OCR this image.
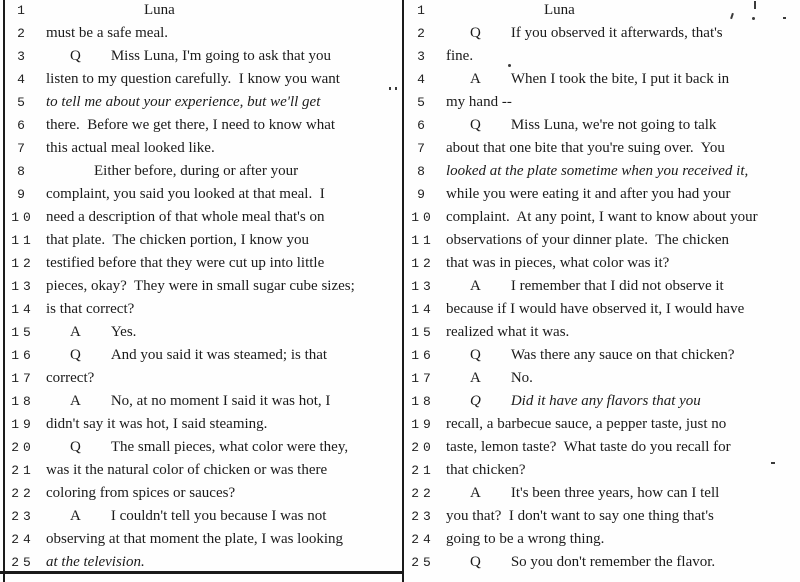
1	Luna
2	must be a safe meal.
3	Q Miss Luna, I'm going to ask that you
4	listen to my question carefully.  I know you want
5	to tell me about your experience, but we'll get
6	there.  Before we get there, I need to know what
7	this actual meal looked like.
8	Either before, during or after your
9	complaint, you said you looked at that meal.  I
10 need a description of that whole meal that's on
11 that plate.  The chicken portion, I know you
12 testified before that they were cut up into little
13 pieces, okay?  They were in small sugar cube sizes;
14 is that correct?
15	A Yes.
16	Q And you said it was steamed; is that
17 correct?
18	A No, at no moment I said it was hot, I
19 didn't say it was hot, I said steaming.
20	Q The small pieces, what color were they,
21 was it the natural color of chicken or was there
22 coloring from spices or sauces?
23	A I couldn't tell you because I was not
24 observing at that moment the plate, I was looking
25 at the television.
1	Luna
2	Q If you observed it afterwards, that's
3	fine.
4	A When I took the bite, I put it back in
5	my hand --
6	Q Miss Luna, we're not going to talk
7	about that one bite that you're suing over.  You
8	looked at the plate sometime when you received it,
9	while you were eating it and after you had your
10 complaint.  At any point, I want to know about your
11 observations of your dinner plate.  The chicken
12 that was in pieces, what color was it?
13	A I remember that I did not observe it
14 because if I would have observed it, I would have
15 realized what it was.
16	Q Was there any sauce on that chicken?
17	A No.
18	Q Did it have any flavors that you
19 recall, a barbecue sauce, a pepper taste, just no
20 taste, lemon taste?  What taste do you recall for
21 that chicken?
22	A It's been three years, how can I tell
23 you that?  I don't want to say one thing that's
24 going to be a wrong thing.
25	Q So you don't remember the flavor.
